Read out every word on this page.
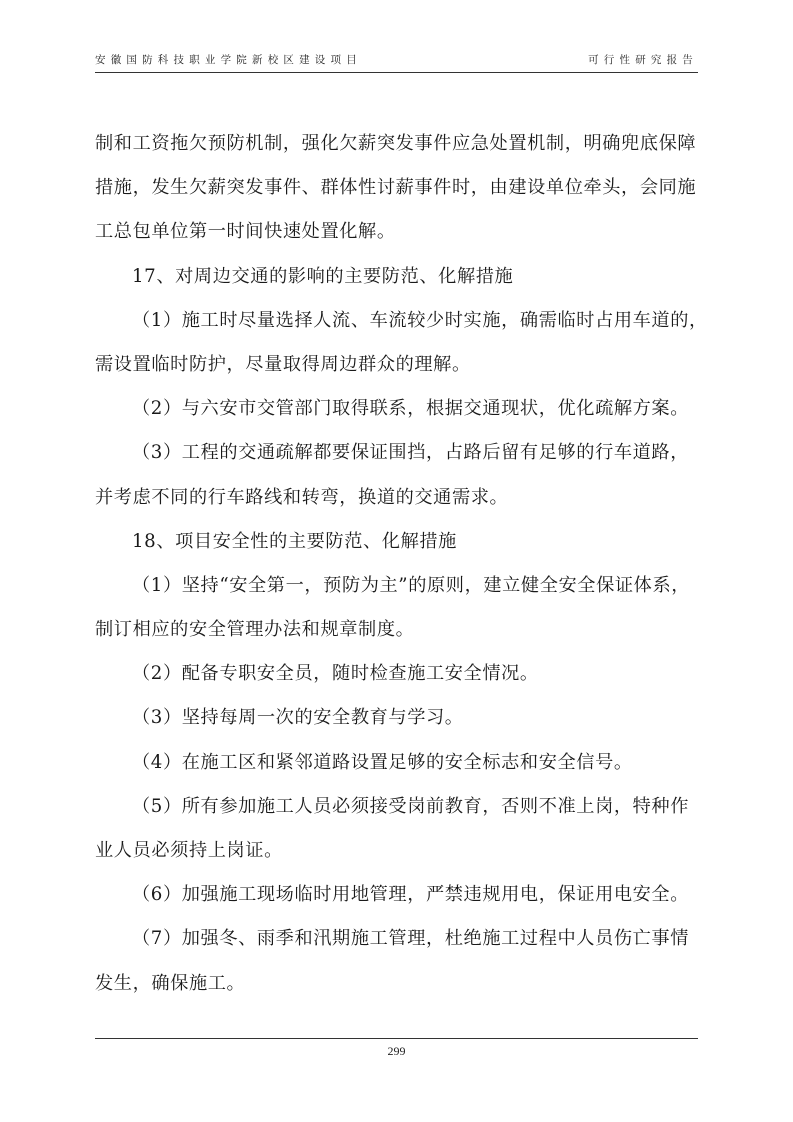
安徽国防科技职业学院新校区建设项目	可行性研究报告
制和工资拖欠预防机制，强化欠薪突发事件应急处置机制，明确兜底保障
措施，发生欠薪突发事件、群体性讨薪事件时，由建设单位牵头，会同施
工总包单位第一时间快速处置化解。
17、对周边交通的影响的主要防范、化解措施
（1）施工时尽量选择人流、车流较少时实施，确需临时占用车道的，
需设置临时防护，尽量取得周边群众的理解。
（2）与六安市交管部门取得联系，根据交通现状，优化疏解方案。
（3）工程的交通疏解都要保证围挡，占路后留有足够的行车道路，
并考虑不同的行车路线和转弯，换道的交通需求。
18、项目安全性的主要防范、化解措施
（1）坚持“安全第一，预防为主”的原则，建立健全安全保证体系，
制订相应的安全管理办法和规章制度。
（2）配备专职安全员，随时检查施工安全情况。
（3）坚持每周一次的安全教育与学习。
（4）在施工区和紧邻道路设置足够的安全标志和安全信号。
（5）所有参加施工人员必须接受岗前教育，否则不准上岗，特种作
业人员必须持上岗证。
（6）加强施工现场临时用地管理，严禁违规用电，保证用电安全。
（7）加强冬、雨季和汛期施工管理，杜绝施工过程中人员伤亡事情
发生，确保施工。
299
